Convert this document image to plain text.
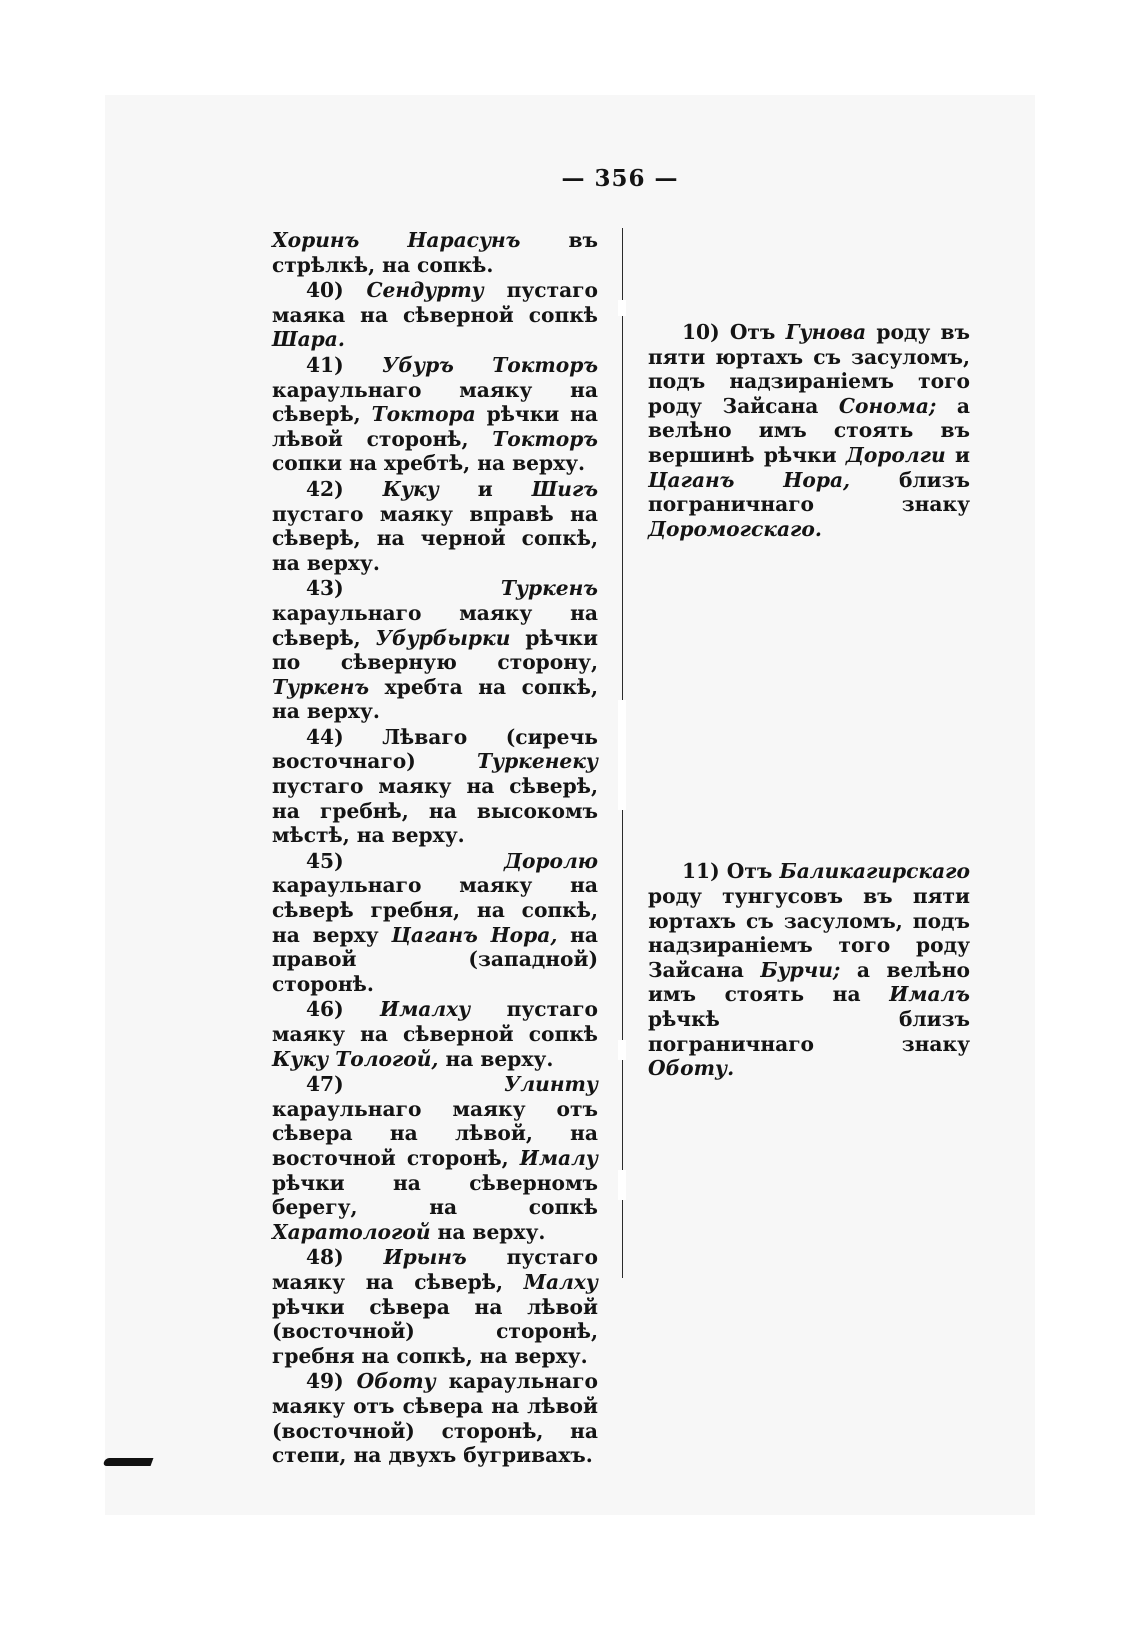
— 356 —

Хоринъ Нарасунъ въ стрѣлкѣ, на сопкѣ.

40) Сендурту пустаго маяка на сѣверной сопкѣ Шара.

41) Убуръ Токторъ караульнаго маяку на сѣверѣ, Токтора рѣчки на лѣвой сторонѣ, Токторъ сопки на хребтѣ, на верху.

42) Куку и Шигъ пустаго маяку вправѣ на сѣверѣ, на черной сопкѣ, на верху.

43) Туркенъ караульнаго маяку на сѣверѣ, Убурбырки рѣчки по сѣверную сторону, Туркенъ хребта на сопкѣ, на верху.

44) Лѣваго (сиречь восточнаго) Туркенеку пустаго маяку на сѣверѣ, на гребнѣ, на высокомъ мѣстѣ, на верху.

45) Доролю караульнаго маяку на сѣверѣ гребня, на сопкѣ, на верху Цаганъ Нора, на правой (западной) сторонѣ.

46) Ималху пустаго маяку на сѣверной сопкѣ Куку Тологой, на верху.

47) Улинту караульнаго маяку отъ сѣвера на лѣвой, на восточной сторонѣ, Ималу рѣчки на сѣверномъ берегу, на сопкѣ Харатологой на верху.

48) Ирынъ пустаго маяку на сѣверѣ, Малху рѣчки сѣвера на лѣвой (восточной) сторонѣ, гребня на сопкѣ, на верху.

49) Оботу караульнаго маяку отъ сѣвера на лѣвой (восточной) сторонѣ, на степи, на двухъ бугривахъ.

10) Отъ Гунова роду въ пяти юртахъ съ засуломъ, подъ надзираніемъ того роду Зайсана Сонома; а велѣно имъ стоять въ вершинѣ рѣчки Доролги и Цаганъ Нора, близъ пограничнаго знаку Доромогскаго.

11) Отъ Баликагирскаго роду тунгусовъ въ пяти юртахъ съ засуломъ, подъ надзираніемъ того роду Зайсана Бурчи; а велѣно имъ стоять на Ималъ рѣчкѣ близъ пограничнаго знаку Оботу.
